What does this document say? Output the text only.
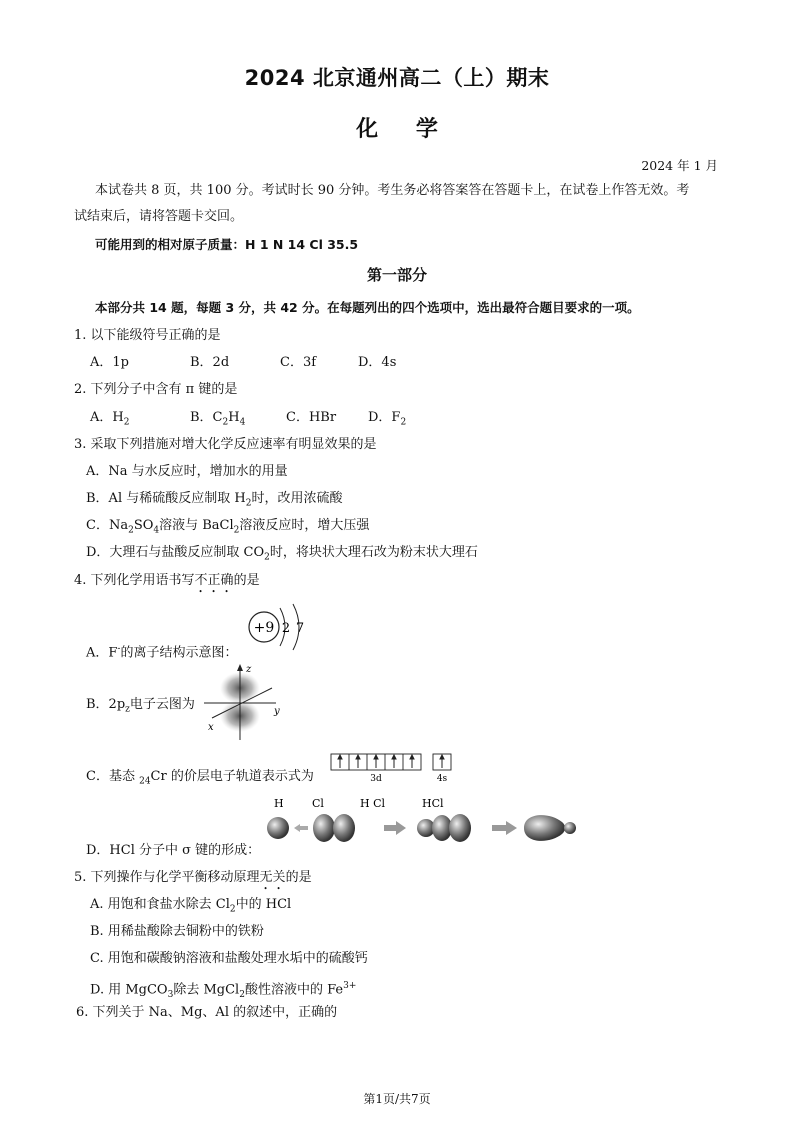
2024 北京通州高二（上）期末
化 学
2024 年 1 月
本试卷共 8 页，共 100 分。考试时长 90 分钟。考生务必将答案答在答题卡上，在试卷上作答无效。考
试结束后，请将答题卡交回。
可能用到的相对原子质量：H 1 N 14 Cl 35.5
第一部分
本部分共 14 题，每题 3 分，共 42 分。在每题列出的四个选项中，选出最符合题目要求的一项。
1. 以下能级符号正确的是
A．1p	B．2d	C．3f	D．4s
2. 下列分子中含有 π 键的是
A．$H_2$	B．$C_2H_4$	C．HBr D．$F_2$
3. 采取下列措施对增大化学反应速率有明显效果的是
A．Na 与水反应时，增加水的用量
B．Al 与稀硫酸反应制取 $H_2$时，改用浓硫酸
C．$Na_2SO_4$溶液与 BaCl$_2$溶液反应时，增大压强
D．大理石与盐酸反应制取 $CO_2$时，将块状大理石改为粉末状大理石
4. 下列化学用语书写不正确的是
A．F-的离子结构示意图：
+9 2 7
B．$2p_z$电子云图为
z
y
x
C．基态 $_{24}$Cr 的价层电子轨道表示式为	3d	4s
H	Cl	H Cl	HCl
D．HCl 分子中 σ 键的形成：
5. 下列操作与化学平衡移动原理无关的是
A. 用饱和食盐水除去 $Cl_2$中的 HCl
B. 用稀盐酸除去铜粉中的铁粉
C. 用饱和碳酸钠溶液和盐酸处理水垢中的硫酸钙
D. 用 MgCO$_3$除去 MgCl$_2$酸性溶液中的 $Fe^{3+}$
6. 下列关于 Na、Mg、Al 的叙述中，正确的
第1页/共7页
